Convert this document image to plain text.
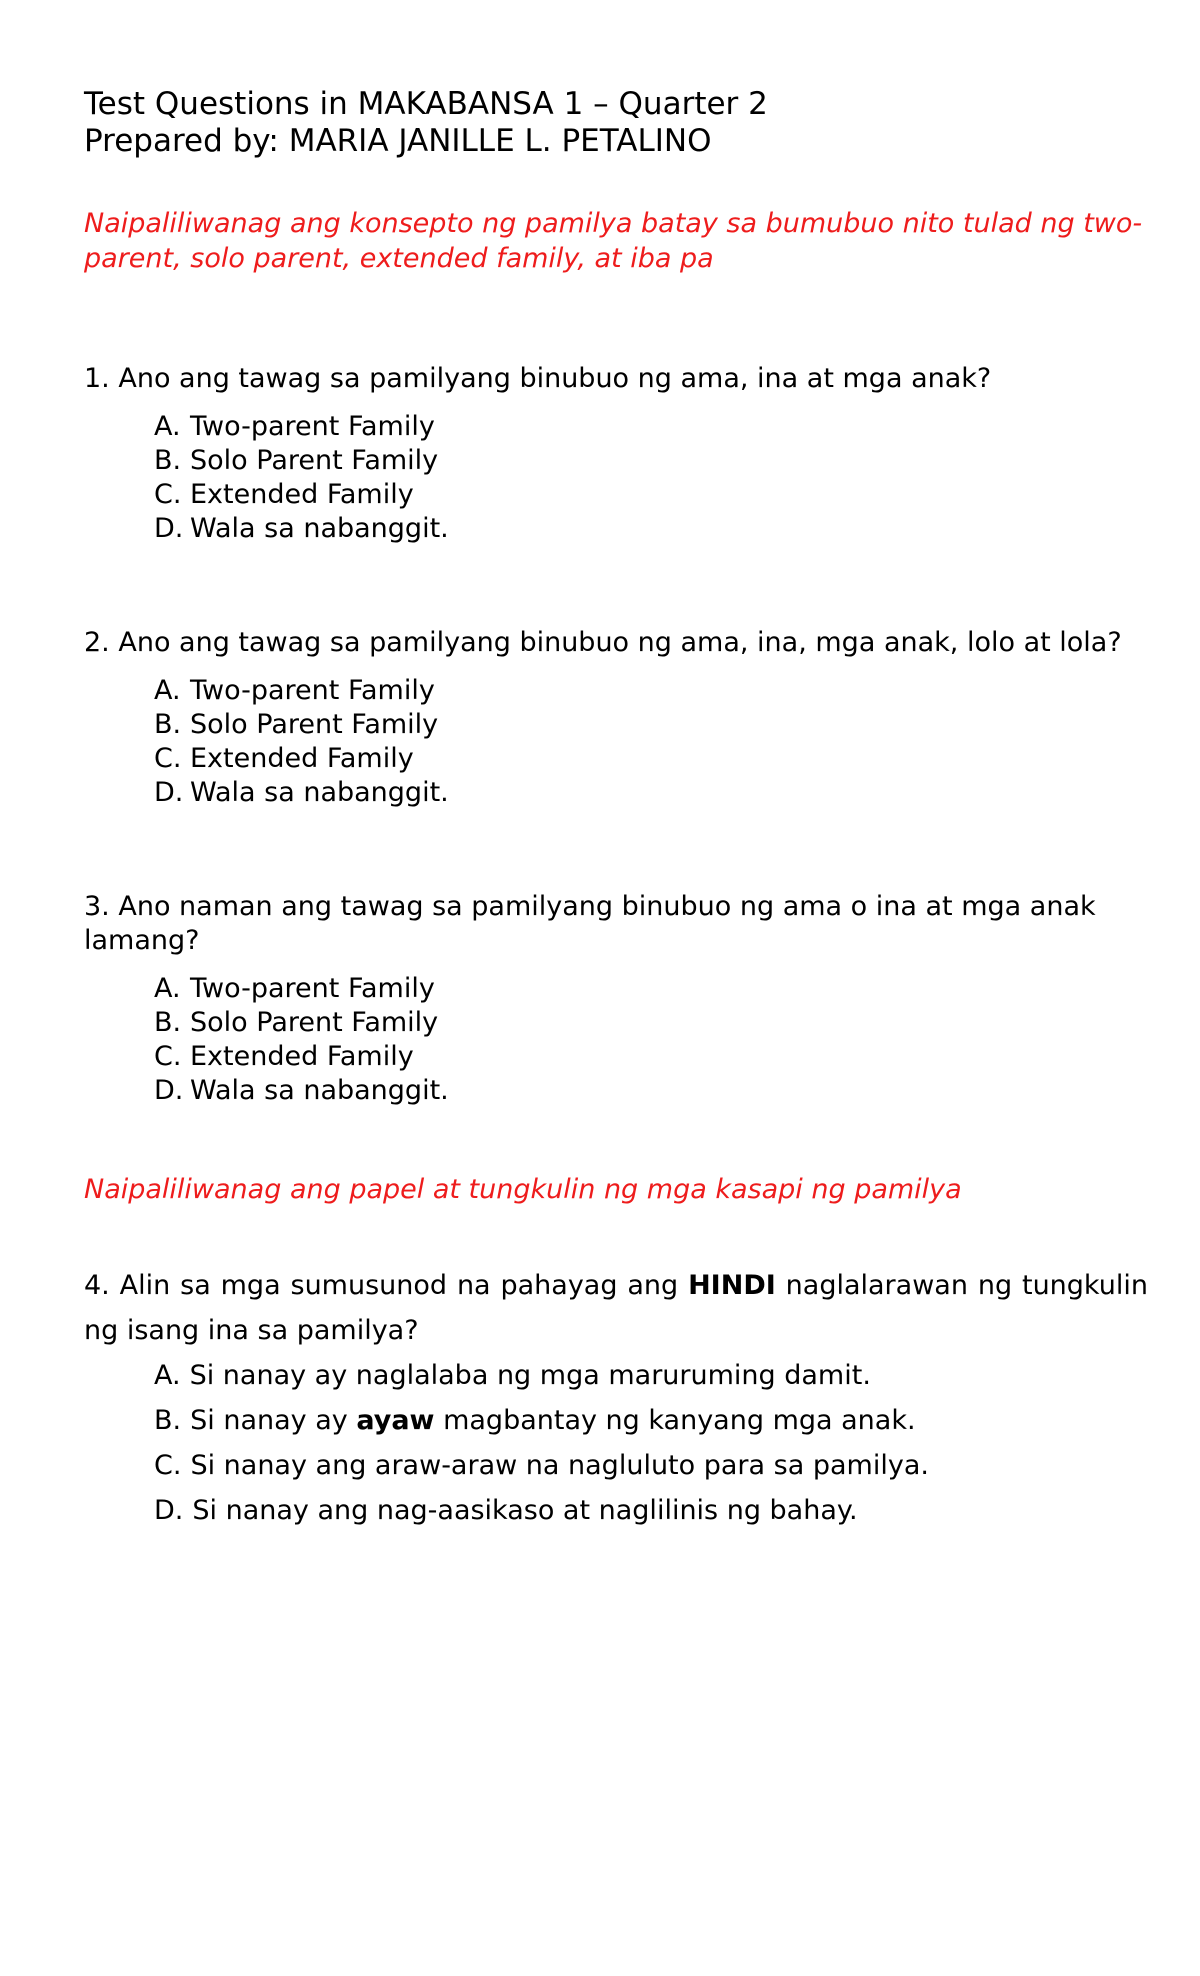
Test Questions in MAKABANSA 1 – Quarter 2

Prepared by: MARIA JANILLE L. PETALINO

Naipaliliwanag ang konsepto ng pamilya batay sa bumubuo nito tulad ng two-parent, solo parent, extended family, at iba pa

1. Ano ang tawag sa pamilyang binubuo ng ama, ina at mga anak?

A. Two-parent Family
B. Solo Parent Family
C. Extended Family
D. Wala sa nabanggit.

2. Ano ang tawag sa pamilyang binubuo ng ama, ina, mga anak, lolo at lola?

A. Two-parent Family
B. Solo Parent Family
C. Extended Family
D. Wala sa nabanggit.

3. Ano naman ang tawag sa pamilyang binubuo ng ama o ina at mga anak lamang?

A. Two-parent Family
B. Solo Parent Family
C. Extended Family
D. Wala sa nabanggit.

Naipaliliwanag ang papel at tungkulin ng mga kasapi ng pamilya

4. Alin sa mga sumusunod na pahayag ang HINDI naglalarawan ng tungkulin ng isang ina sa pamilya?

A. Si nanay ay naglalaba ng mga maruruming damit.
B. Si nanay ay ayaw magbantay ng kanyang mga anak.
C. Si nanay ang araw-araw na nagluluto para sa pamilya.
D. Si nanay ang nag-aasikaso at naglilinis ng bahay.
